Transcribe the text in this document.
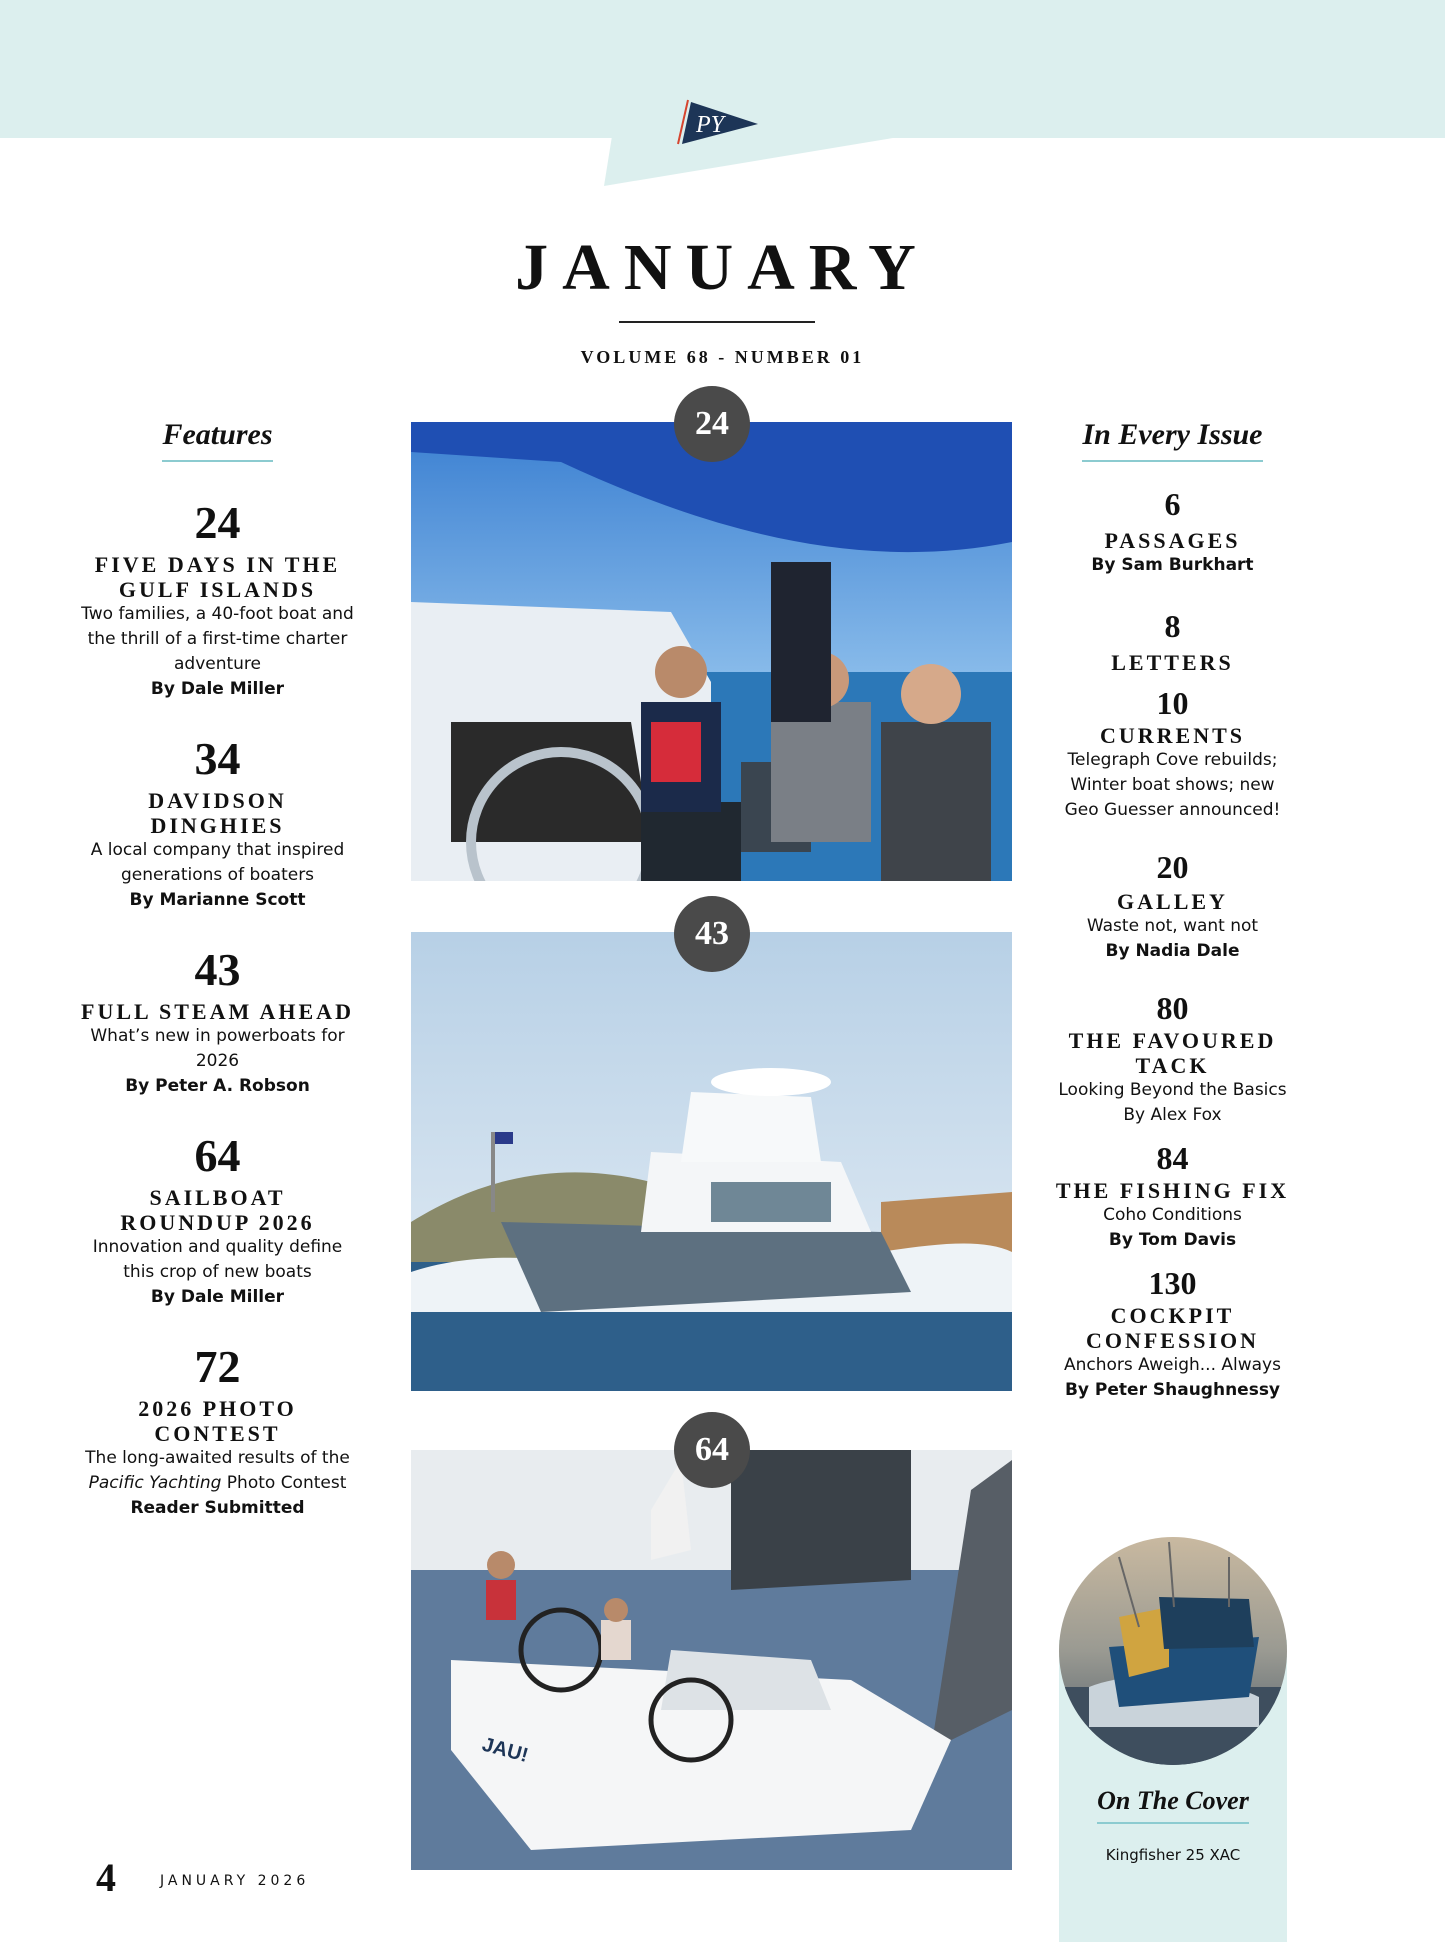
PY
JANUARY
VOLUME 68 - NUMBER 01
Features
24
FIVE DAYS IN THE GULF ISLANDS
Two families, a 40-foot boat and the thrill of a first-time charter adventure
By Dale Miller
34
DAVIDSON DINGHIES
A local company that inspired generations of boaters
By Marianne Scott
43
FULL STEAM AHEAD
What’s new in powerboats for 2026
By Peter A. Robson
64
SAILBOAT ROUNDUP 2026
Innovation and quality define this crop of new boats
By Dale Miller
72
2026 PHOTO CONTEST
The long-awaited results of the Pacific Yachting Photo Contest
Reader Submitted
24
43
JAU!
64
In Every Issue
6
PASSAGES
By Sam Burkhart
8
LETTERS
10
CURRENTS
Telegraph Cove rebuilds; Winter boat shows; new Geo Guesser announced!
20
GALLEY
Waste not, want not
By Nadia Dale
80
THE FAVOURED TACK
Looking Beyond the Basics
By Alex Fox
84
THE FISHING FIX
Coho Conditions
By Tom Davis
130
COCKPIT CONFESSION
Anchors Aweigh... Always
By Peter Shaughnessy
On The Cover
Kingfisher 25 XAC
4	JANUARY 2026
